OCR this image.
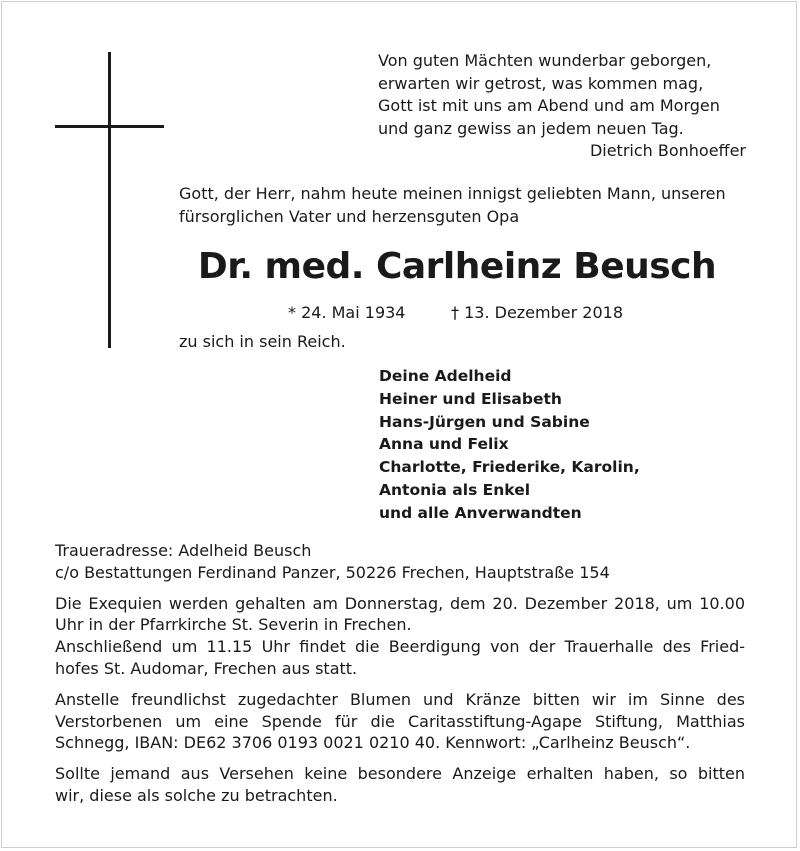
Von guten Mächten wunderbar geborgen,
erwarten wir getrost, was kommen mag,
Gott ist mit uns am Abend und am Morgen
und ganz gewiss an jedem neuen Tag.
Dietrich Bonhoeffer
Gott, der Herr, nahm heute meinen innigst geliebten Mann, unseren
fürsorglichen Vater und herzensguten Opa
Dr. med. Carlheinz Beusch
* 24. Mai 1934	† 13. Dezember 2018
zu sich in sein Reich.
Deine Adelheid
Heiner und Elisabeth
Hans-Jürgen und Sabine
Anna und Felix
Charlotte, Friederike, Karolin,
Antonia als Enkel
und alle Anverwandten
Traueradresse: Adelheid Beusch
c/o Bestattungen Ferdinand Panzer, 50226 Frechen, Hauptstraße 154
Die Exequien werden gehalten am Donnerstag, dem 20. Dezember 2018, um 10.00
Uhr in der Pfarrkirche St. Severin in Frechen.
Anschließend um 11.15 Uhr findet die Beerdigung von der Trauerhalle des Fried-
hofes St. Audomar, Frechen aus statt.
Anstelle freundlichst zugedachter Blumen und Kränze bitten wir im Sinne des
Verstorbenen um eine Spende für die Caritasstiftung-Agape Stiftung, Matthias
Schnegg, IBAN: DE62 3706 0193 0021 0210 40. Kennwort: „Carlheinz Beusch“.
Sollte jemand aus Versehen keine besondere Anzeige erhalten haben, so bitten
wir, diese als solche zu betrachten.
